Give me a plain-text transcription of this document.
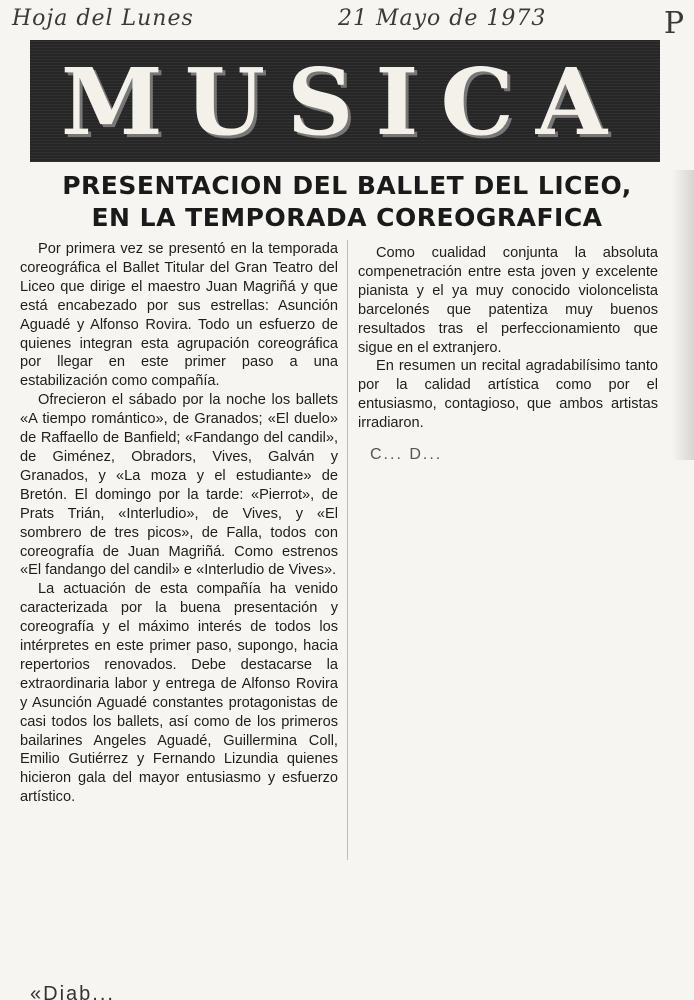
Hoja del Lunes	21 Mayo de 1973	P
MUSICA
PRESENTACION DEL BALLET DEL LICEO,
EN LA TEMPORADA COREOGRAFICA

Por primera vez se presentó en la temporada coreográfica el Ballet Titular del Gran Teatro del Liceo que dirige el maestro Juan Magriñá y que está encabezado por sus estrellas: Asunción Aguadé y Alfonso Rovira. Todo un esfuerzo de quienes integran esta agrupación coreográfica por llegar en este primer paso a una estabilización como compañía.

Ofrecieron el sábado por la noche los ballets «A tiempo romántico», de Granados; «El duelo» de Raffaello de Banfield; «Fandango del candil», de Giménez, Obradors, Vives, Galván y Granados, y «La moza y el estudiante» de Bretón. El domingo por la tarde: «Pierrot», de Prats Trián, «Interludio», de Vives, y «El sombrero de tres picos», de Falla, todos con coreografía de Juan Magriñá. Como estrenos «El fandango del candil» e «Interludio de Vives».

La actuación de esta compañía ha venido caracterizada por la buena presentación y coreografía y el máximo interés de todos los intérpretes en este primer paso, supongo, hacia repertorios renovados. Debe destacarse la extraordinaria labor y entrega de Alfonso Rovira y Asunción Aguadé constantes protagonistas de casi todos los ballets, así como de los primeros bailarines Angeles Aguadé, Guillermina Coll, Emilio Gutiérrez y Fernando Lizundia quienes hicieron gala del mayor entusiasmo y esfuerzo artístico.

Como cualidad conjunta la absoluta compenetración entre esta joven y excelente pianista y el ya muy conocido violoncelista barcelonés que patentiza muy buenos resultados tras el perfeccionamiento que sigue en el extranjero.

En resumen un recital agradabilísimo tanto por la calidad artística como por el entusiasmo, contagioso, que ambos artistas irradiaron.

C... D...
«Diab...
